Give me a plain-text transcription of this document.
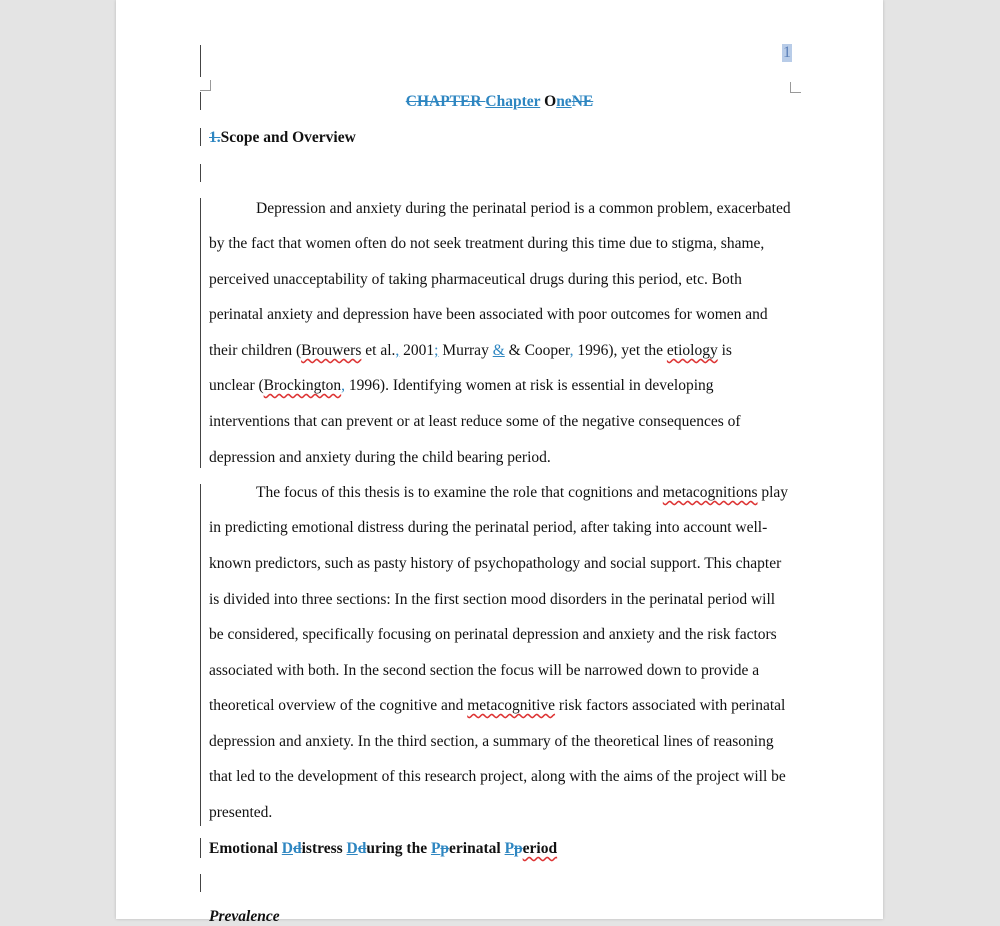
1
CHAPTER Chapter OneNE
1.Scope and Overview
Depression and anxiety during the perinatal period is a common problem, exacerbated
by the fact that women often do not seek treatment during this time due to stigma, shame,
perceived unacceptability of taking pharmaceutical drugs during this period, etc. Both
perinatal anxiety and depression have been associated with poor outcomes for women and
their children (Brouwers et al., 2001; Murray & & Cooper, 1996), yet the etiology is
unclear (Brockington, 1996). Identifying women at risk is essential in developing
interventions that can prevent or at least reduce some of the negative consequences of
depression and anxiety during the child bearing period.
The focus of this thesis is to examine the role that cognitions and metacognitions play
in predicting emotional distress during the perinatal period, after taking into account well-
known predictors, such as pasty history of psychopathology and social support. This chapter
is divided into three sections: In the first section mood disorders in the perinatal period will
be considered, specifically focusing on perinatal depression and anxiety and the risk factors
associated with both. In the second section the focus will be narrowed down to provide a
theoretical overview of the cognitive and metacognitive risk factors associated with perinatal
depression and anxiety. In the third section, a summary of the theoretical lines of reasoning
that led to the development of this research project, along with the aims of the project will be
presented.
Emotional Ddistress Dduring the Pperinatal Pperiod
Prevalence
